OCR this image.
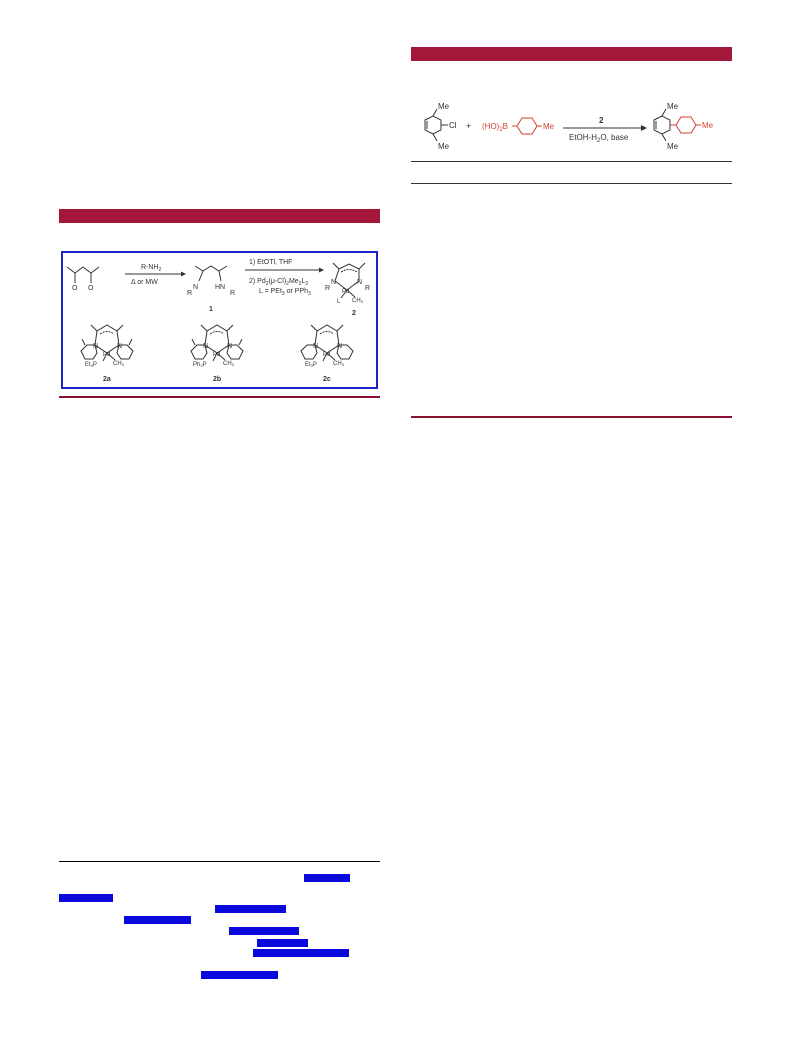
Me
Cl
Me
+ $(HO)_2B$	Me
2
EtOH-$H_2O$, base
Me
Me
Me
O O
$R-NH_2$
Δ or MW
N
R
HN
R
1
1) EtOTl, THF
2) $Pd_2(\mu-Cl)_2Me_2L_2$
L = PEt$_3$ or PPh$_3$
N	N
R	R
Pd
L CH3
2
N	N
Pd
Et3P	CH3
2a
N	N
Pd
Ph3P	CH3
2b
N	N
Pd
Et3P	CH3
2c
